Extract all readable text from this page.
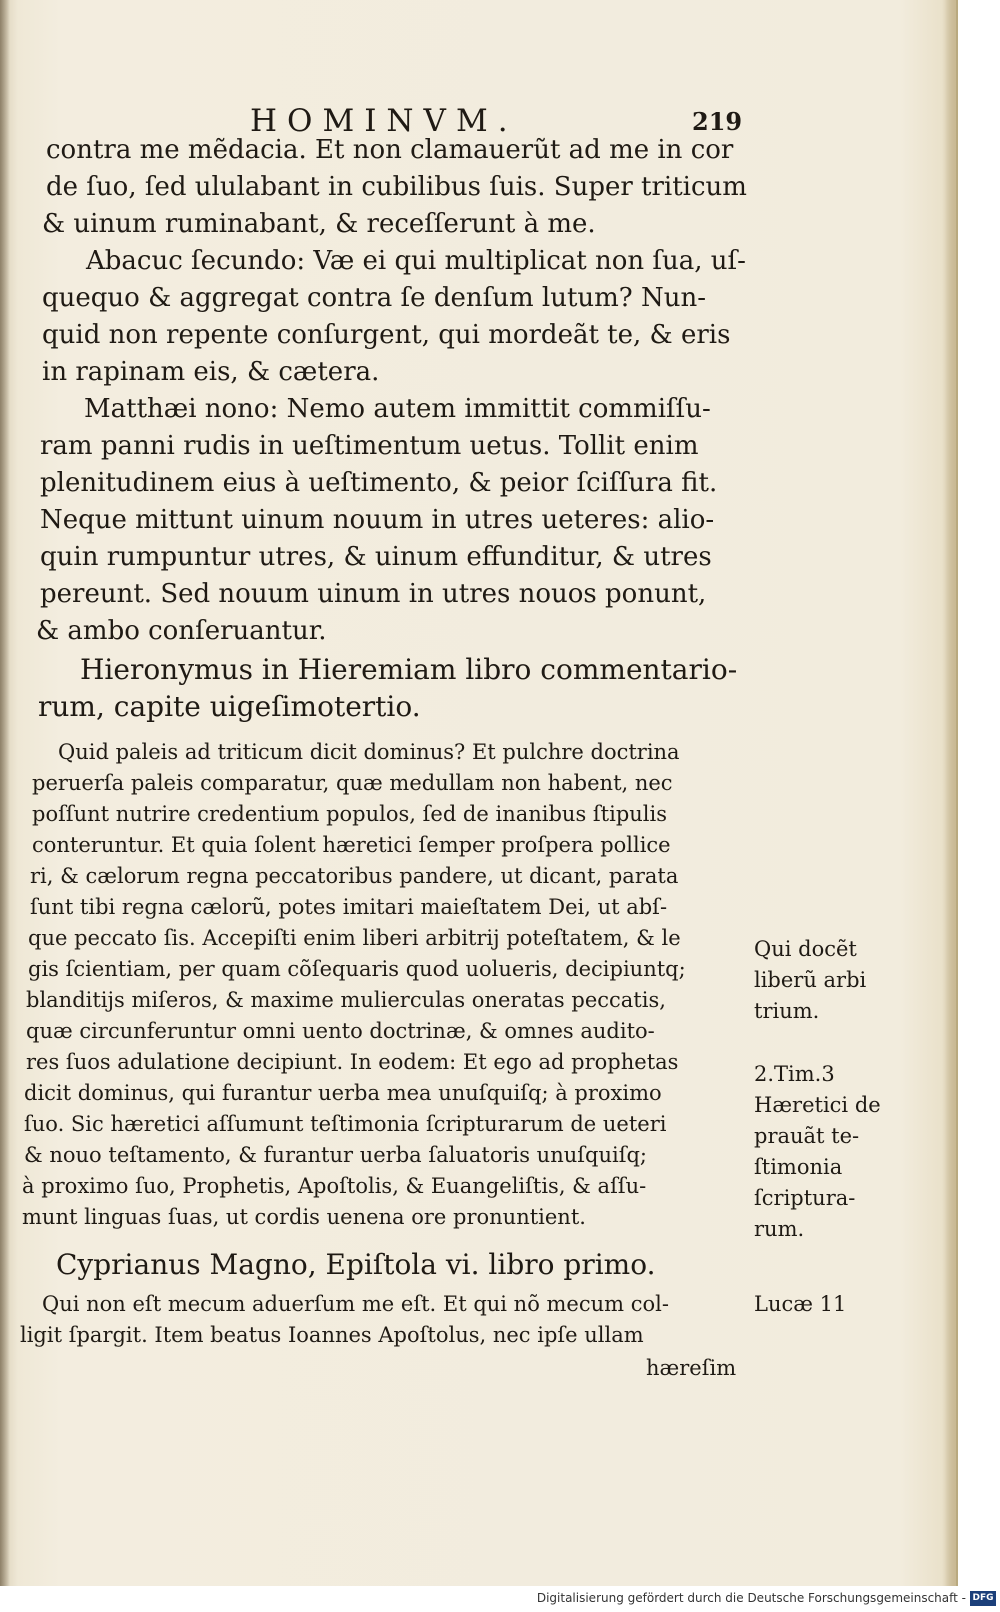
HOMINVM.	219
contra me mẽdacia. Et non clamauerũt ad me in cor
de ſuo, ſed ululabant in cubilibus ſuis. Super triticum
& uinum ruminabant, & receſſerunt à me.
Abacuc ſecundo: Væ ei qui multiplicat non ſua, uſ-
quequo & aggregat contra ſe denſum lutum? Nun-
quid non repente conſurgent, qui mordeãt te, & eris
in rapinam eis, & cætera.
Matthæi nono: Nemo autem immittit commiſſu-
ram panni rudis in ueſtimentum uetus. Tollit enim
plenitudinem eius à ueſtimento, & peior ſciſſura fit.
Neque mittunt uinum nouum in utres ueteres: alio-
quin rumpuntur utres, & uinum effunditur, & utres
pereunt. Sed nouum uinum in utres nouos ponunt,
& ambo conſeruantur.
Hieronymus in Hieremiam libro commentario-
rum, capite uigeſimotertio.
Quid paleis ad triticum dicit dominus? Et pulchre doctrina
peruerſa paleis comparatur, quæ medullam non habent, nec
poſſunt nutrire credentium populos, ſed de inanibus ſtipulis
conteruntur. Et quia ſolent hæretici ſemper proſpera pollice
ri, & cælorum regna peccatoribus pandere, ut dicant, parata
ſunt tibi regna cælorũ, potes imitari maieſtatem Dei, ut abſ-
que peccato ſis. Accepiſti enim liberi arbitrij poteſtatem, & le
gis ſcientiam, per quam cõſequaris quod uolueris, decipiuntq;
blanditijs miſeros, & maxime mulierculas oneratas peccatis,
quæ circunferuntur omni uento doctrinæ, & omnes audito-
res ſuos adulatione decipiunt. In eodem: Et ego ad prophetas
dicit dominus, qui furantur uerba mea unuſquiſq; à proximo
ſuo. Sic hæretici aſſumunt teſtimonia ſcripturarum de ueteri
& nouo teſtamento, & furantur uerba ſaluatoris unuſquiſq;
à proximo ſuo, Prophetis, Apoſtolis, & Euangeliſtis, & aſſu-
munt linguas ſuas, ut cordis uenena ore pronuntient.
Cyprianus Magno, Epiſtola vi. libro primo.
Qui non eſt mecum aduerſum me eſt. Et qui nõ mecum col-
ligit ſpargit. Item beatus Ioannes Apoſtolus, nec ipſe ullam
hæreſim
Qui docẽt
liberũ arbi
trium.
2.Tim.3
Hæretici de
prauãt te-
ſtimonia
ſcriptura-
rum.
Lucæ 11
Digitalisierung gefördert durch die Deutsche Forschungsgemeinschaft - DFG
